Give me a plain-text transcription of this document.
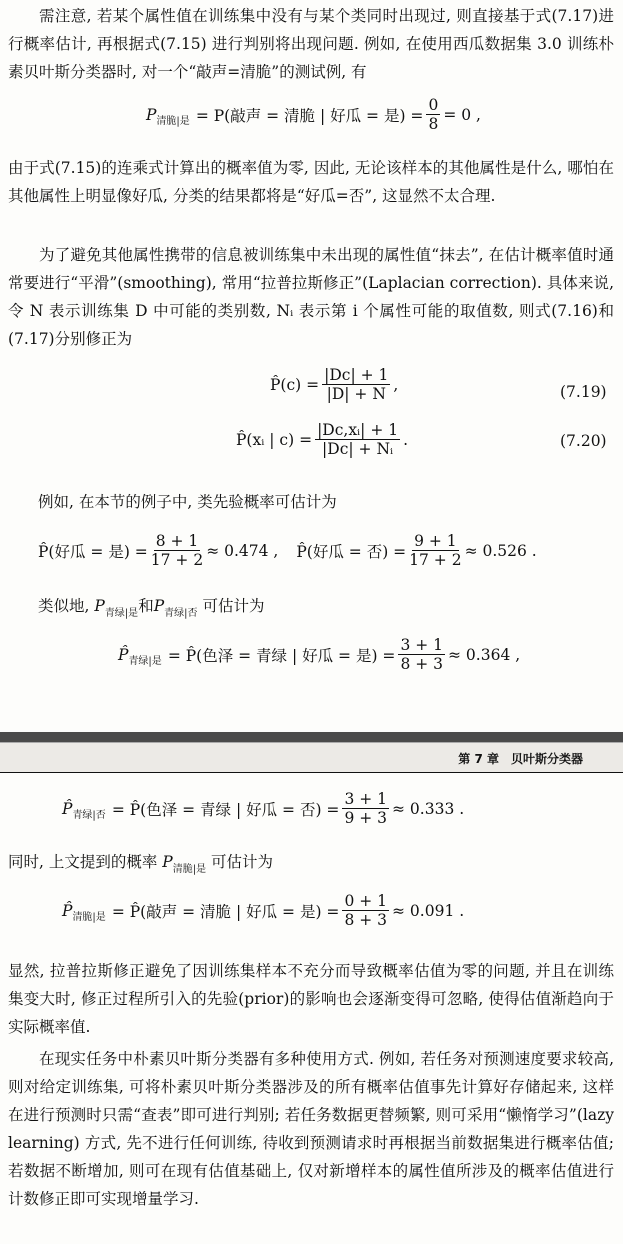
需注意, 若某个属性值在训练集中没有与某个类同时出现过, 则直接基于式(7.17)进行概率估计, 再根据式(7.15) 进行判别将出现问题. 例如, 在使用西瓜数据集 3.0 训练朴素贝叶斯分类器时, 对一个“敲声=清脆”的测试例, 有
P 清脆|是 = P(敲声 = 清脆 | 好瓜 = 是) = $\frac{0}{8} = 0$ ,
由于式(7.15)的连乘式计算出的概率值为零, 因此, 无论该样本的其他属性是什么, 哪怕在其他属性上明显像好瓜, 分类的结果都将是“好瓜=否”, 这显然不太合理.
为了避免其他属性携带的信息被训练集中未出现的属性值“抹去”, 在估计概率值时通常要进行“平滑”(smoothing), 常用“拉普拉斯修正”(Laplacian correction). 具体来说, 令 N 表示训练集 D 中可能的类别数, Nᵢ 表示第 i 个属性可能的取值数, 则式(7.16)和(7.17)分别修正为
P̂(c) = $\frac{|Dc| + 1}{|D| + N}$ ,	(7.19)
P̂(xᵢ | $c) = \frac{\text{|Dc,xᵢ| + 1}}{\text{|Dc| + Nᵢ}}$ .	(7.20)
例如, 在本节的例子中, 类先验概率可估计为
P̂(好瓜 = 是) = $\frac{8 + 1}{17 + 2} \approx 0.474$ , P̂(好瓜 = 否) = $\frac{9 + 1}{17 + 2} \approx 0.526$ .
类似地, $P_{青绿|是}$和$P_{青绿|否}$ 可估计为
P̂ 青绿|是 = P̂(色泽 = 青绿 | 好瓜 = 是) = $\frac{3 + 1}{8 + 3} \approx 0.364$ ,
第 7 章　贝叶斯分类器
P̂ 青绿|否 = P̂(色泽 = 青绿 | 好瓜 = 否) = $\frac{3 + 1}{9 + 3} \approx 0.333$ .
同时, 上文提到的概率 $P_{清脆|是}$ 可估计为
P̂ 清脆|是 = P̂(敲声 = 清脆 | 好瓜 = 是) = $\frac{0 + 1}{8 + 3} \approx 0.091$ .
显然, 拉普拉斯修正避免了因训练集样本不充分而导致概率估值为零的问题, 并且在训练集变大时, 修正过程所引入的先验(prior)的影响也会逐渐变得可忽略, 使得估值渐趋向于实际概率值.
在现实任务中朴素贝叶斯分类器有多种使用方式. 例如, 若任务对预测速度要求较高, 则对给定训练集, 可将朴素贝叶斯分类器涉及的所有概率估值事先计算好存储起来, 这样在进行预测时只需“查表”即可进行判别; 若任务数据更替频繁, 则可采用“懒惰学习”(lazy learning) 方式, 先不进行任何训练, 待收到预测请求时再根据当前数据集进行概率估值; 若数据不断增加, 则可在现有估值基础上, 仅对新增样本的属性值所涉及的概率估值进行计数修正即可实现增量学习.
